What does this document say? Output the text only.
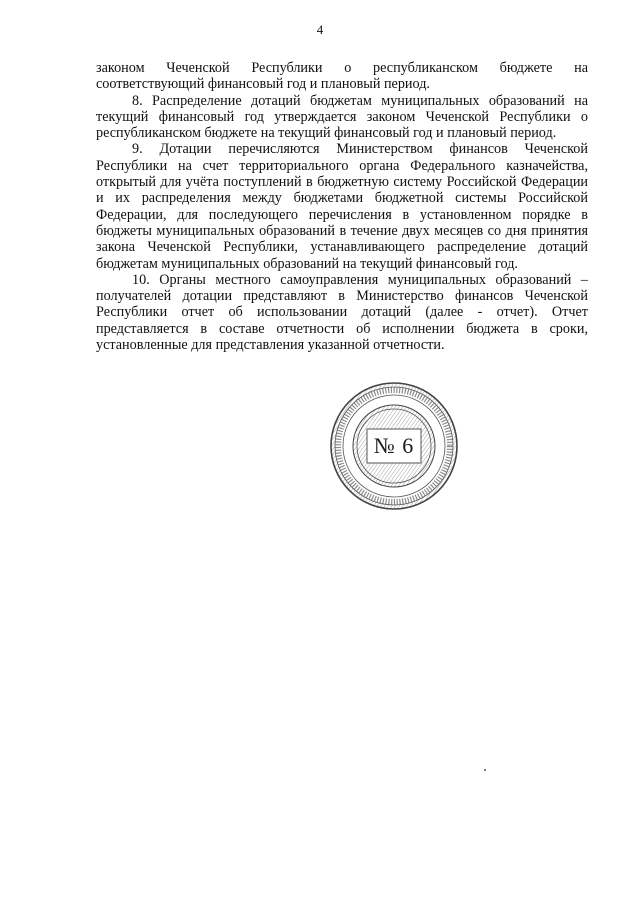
4

законом Чеченской Республики о республиканском бюджете на соответствующий финансовый год и плановый период.

8. Распределение дотаций бюджетам муниципальных образований на текущий финансовый год утверждается законом Чеченской Республики о республиканском бюджете на текущий финансовый год и плановый период.

9. Дотации перечисляются Министерством финансов Чеченской Республики на счет территориального органа Федерального казначейства, открытый для учёта поступлений в бюджетную систему Российской Федерации и их распределения между бюджетами бюджетной системы Российской Федерации, для последующего перечисления в установленном порядке в бюджеты муниципальных образований в течение двух месяцев со дня принятия закона Чеченской Республики, устанавливающего распределение дотаций бюджетам муниципальных образований на текущий финансовый год.

10. Органы местного самоуправления муниципальных образований – получателей дотации представляют в Министерство финансов Чеченской Республики отчет об использовании дотаций (далее - отчет). Отчет представляется в составе отчетности об исполнении бюджета в сроки, установленные для представления указанной отчетности.

№ 6
